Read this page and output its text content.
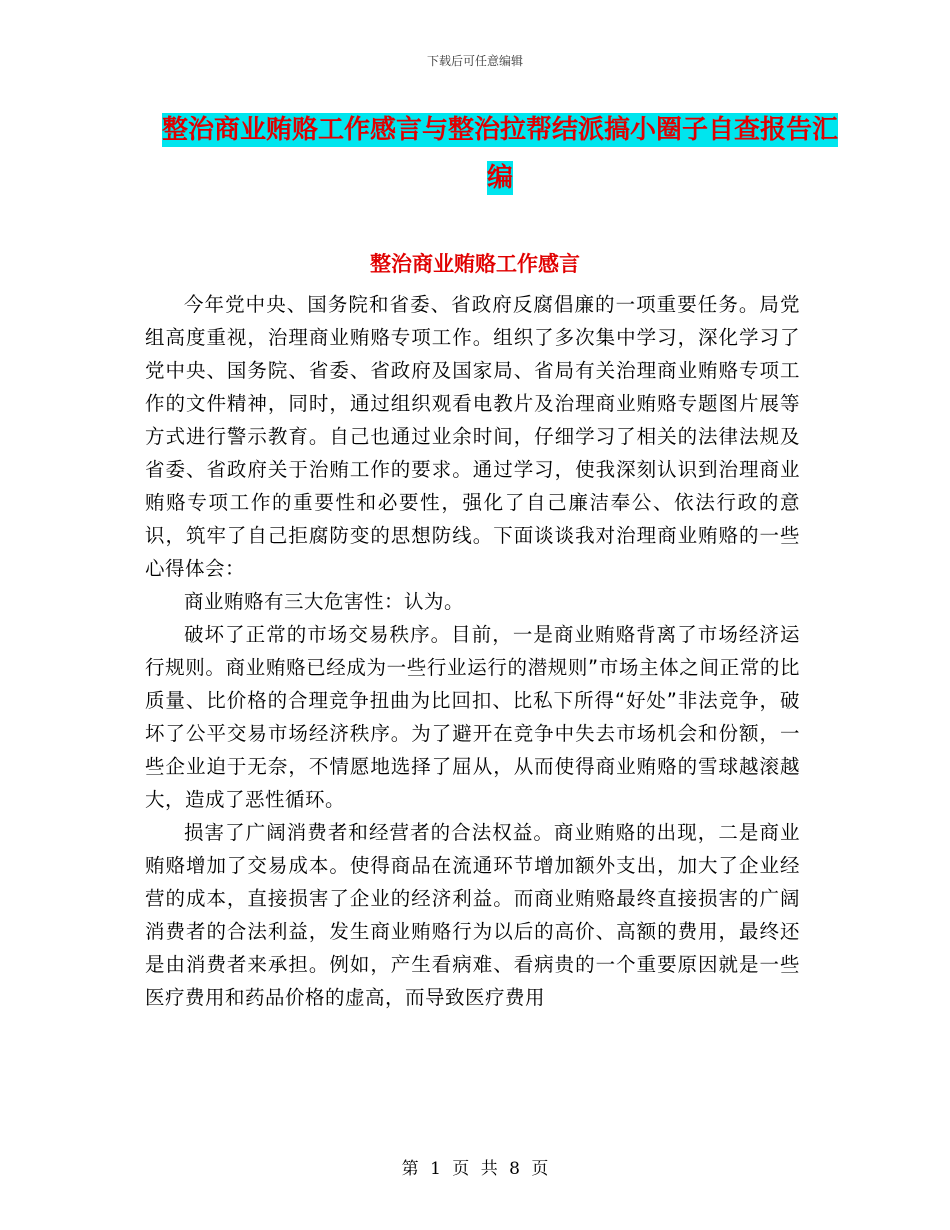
下载后可任意编辑
整治商业贿赂工作感言与整治拉帮结派搞小圈子自查报告汇编
整治商业贿赂工作感言

今年党中央、国务院和省委、省政府反腐倡廉的一项重要任务。局党组高度重视，治理商业贿赂专项工作。组织了多次集中学习，深化学习了党中央、国务院、省委、省政府及国家局、省局有关治理商业贿赂专项工作的文件精神，同时，通过组织观看电教片及治理商业贿赂专题图片展等方式进行警示教育。自己也通过业余时间，仔细学习了相关的法律法规及省委、省政府关于治贿工作的要求。通过学习，使我深刻认识到治理商业贿赂专项工作的重要性和必要性，强化了自己廉洁奉公、依法行政的意识，筑牢了自己拒腐防变的思想防线。下面谈谈我对治理商业贿赂的一些心得体会：

商业贿赂有三大危害性：认为。

破坏了正常的市场交易秩序。目前，一是商业贿赂背离了市场经济运行规则。商业贿赂已经成为一些行业运行的潜规则”市场主体之间正常的比质量、比价格的合理竞争扭曲为比回扣、比私下所得“好处”非法竞争，破坏了公平交易市场经济秩序。为了避开在竞争中失去市场机会和份额，一些企业迫于无奈，不情愿地选择了屈从，从而使得商业贿赂的雪球越滚越大，造成了恶性循环。

损害了广阔消费者和经营者的合法权益。商业贿赂的出现，二是商业贿赂增加了交易成本。使得商品在流通环节增加额外支出，加大了企业经营的成本，直接损害了企业的经济利益。而商业贿赂最终直接损害的广阔消费者的合法利益，发生商业贿赂行为以后的高价、高额的费用，最终还是由消费者来承担。例如，产生看病难、看病贵的一个重要原因就是一些医疗费用和药品价格的虚高，而导致医疗费用

第 1 页 共 8 页
